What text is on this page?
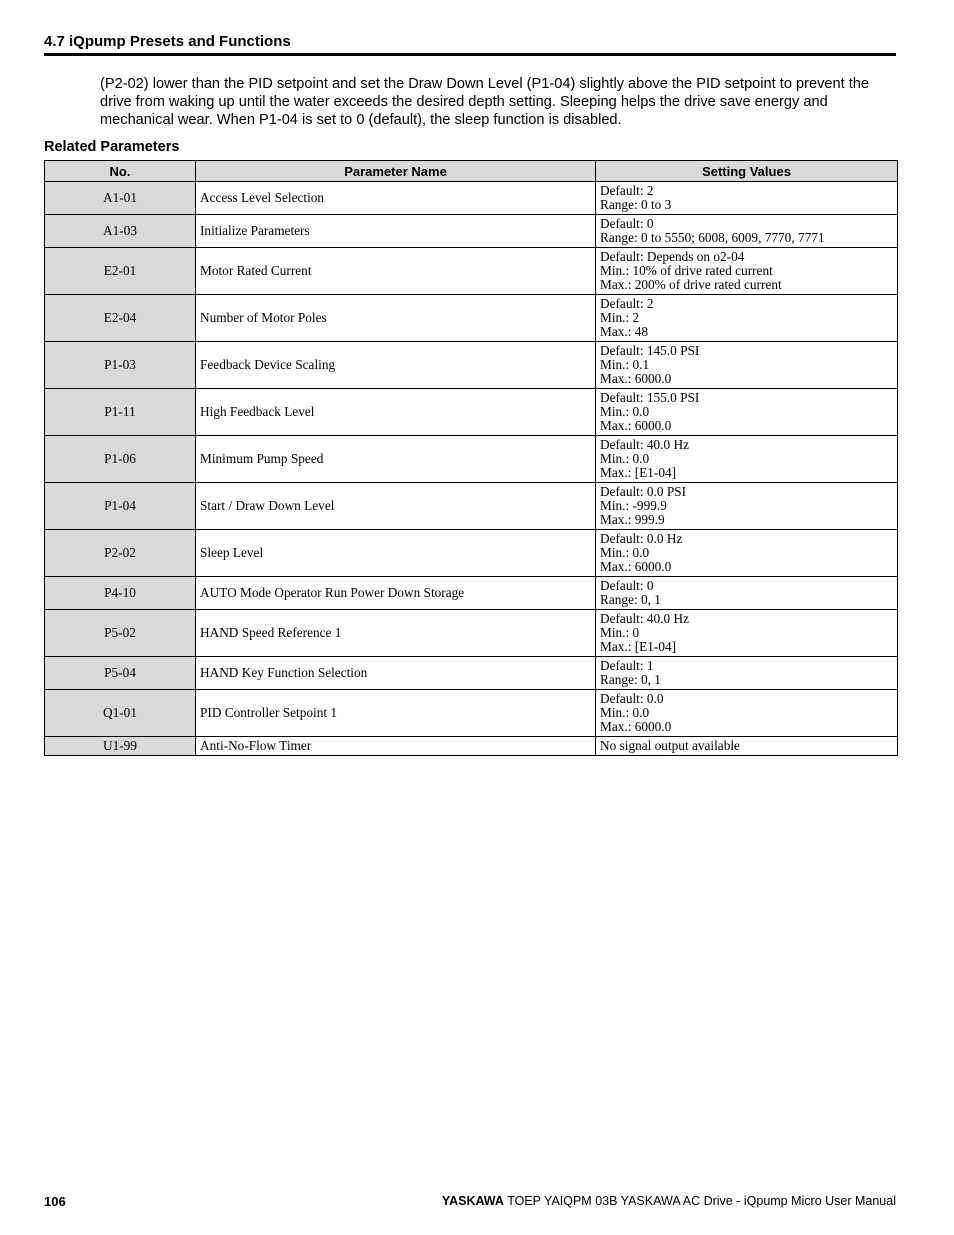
4.7 iQpump Presets and Functions
(P2-02) lower than the PID setpoint and set the Draw Down Level (P1-04) slightly above the PID setpoint to prevent the drive from waking up until the water exceeds the desired depth setting. Sleeping helps the drive save energy and mechanical wear. When P1-04 is set to 0 (default), the sleep function is disabled.
Related Parameters
No.	Parameter Name	Setting Values
A1-01	Access Level Selection	Default: 2
Range: 0 to 3

A1-03	Initialize Parameters	Default: 0
Range: 0 to 5550; 6008, 6009, 7770, 7771

E2-01	Motor Rated Current	Default: Depends on o2-04
Min.: 10% of drive rated current
Max.: 200% of drive rated current

E2-04	Number of Motor Poles	Default: 2
Min.: 2
Max.: 48

P1-03	Feedback Device Scaling	Default: 145.0 PSI
Min.: 0.1
Max.: 6000.0

P1-11	High Feedback Level	Default: 155.0 PSI
Min.: 0.0
Max.: 6000.0

P1-06	Minimum Pump Speed	Default: 40.0 Hz
Min.: 0.0
Max.: [E1-04]

P1-04	Start / Draw Down Level	Default: 0.0 PSI
Min.: -999.9
Max.: 999.9

P2-02	Sleep Level	Default: 0.0 Hz
Min.: 0.0
Max.: 6000.0

P4-10	AUTO Mode Operator Run Power Down Storage	Default: 0
Range: 0, 1

P5-02	HAND Speed Reference 1	Default: 40.0 Hz
Min.: 0
Max.: [E1-04]

P5-04	HAND Key Function Selection	Default: 1
Range: 0, 1

Q1-01	PID Controller Setpoint 1	Default: 0.0
Min.: 0.0
Max.: 6000.0

U1-99	Anti-No-Flow Timer	No signal output available
106	YASKAWA TOEP YAIQPM 03B YASKAWA AC Drive - iQpump Micro User Manual
